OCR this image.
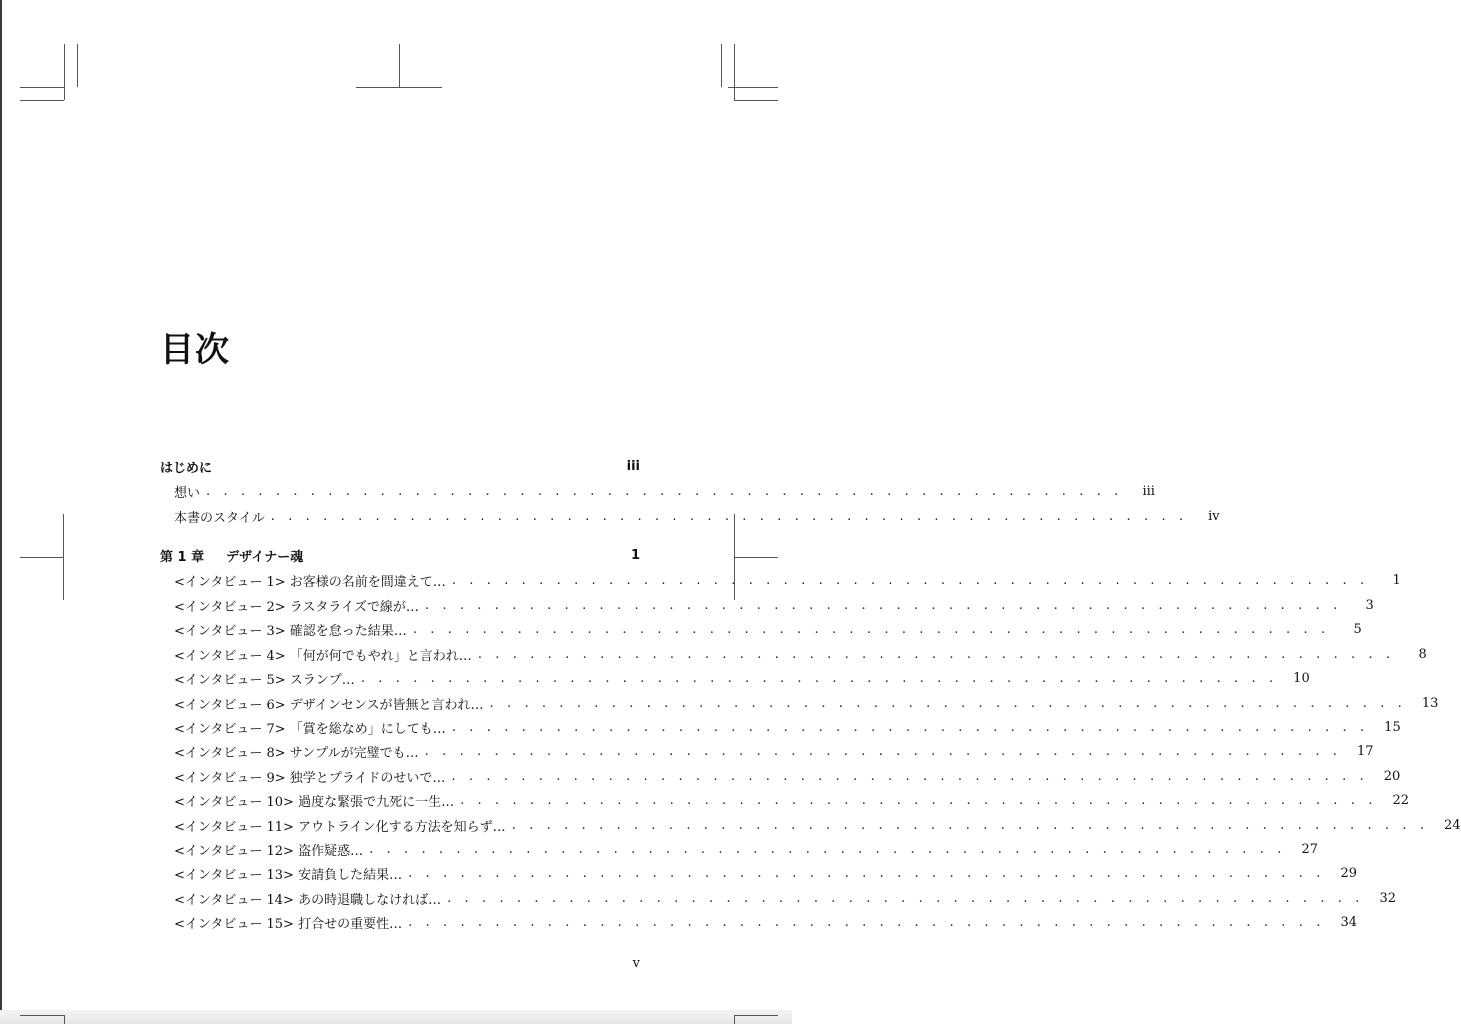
目次
はじめに	iii
想い . . . . . . . . . . . . . . . . . . . . . . . . . . . . . . . . . . . . . . . . . . . . . . . . . . . . .	iii
本書のスタイル . . . . . . . . . . . . . . . . . . . . . . . . . . . . . . . . . . . . . . . . . . . . . . . . . . . . .	iv
第 1 章 デザイナー魂	1
<インタビュー 1> お客様の名前を間違えて… . . . . . . . . . . . . . . . . . . . . . . . . . . . . . . . . . . . . . . . . . . . . . . . . . . . . .	1
<インタビュー 2> ラスタライズで線が… . . . . . . . . . . . . . . . . . . . . . . . . . . . . . . . . . . . . . . . . . . . . . . . . . . . . .	3
<インタビュー 3> 確認を怠った結果… . . . . . . . . . . . . . . . . . . . . . . . . . . . . . . . . . . . . . . . . . . . . . . . . . . . . .	5
<インタビュー 4> 「何が何でもやれ」と言われ… . . . . . . . . . . . . . . . . . . . . . . . . . . . . . . . . . . . . . . . . . . . . . . . . . . . . .	8
<インタビュー 5> スランプ… . . . . . . . . . . . . . . . . . . . . . . . . . . . . . . . . . . . . . . . . . . . . . . . . . . . . .	10
<インタビュー 6> デザインセンスが皆無と言われ… . . . . . . . . . . . . . . . . . . . . . . . . . . . . . . . . . . . . . . . . . . . . . . . . . . . . .	13
<インタビュー 7> 「賞を総なめ」にしても… . . . . . . . . . . . . . . . . . . . . . . . . . . . . . . . . . . . . . . . . . . . . . . . . . . . . .	15
<インタビュー 8> サンプルが完璧でも… . . . . . . . . . . . . . . . . . . . . . . . . . . . . . . . . . . . . . . . . . . . . . . . . . . . . .	17
<インタビュー 9> 独学とプライドのせいで… . . . . . . . . . . . . . . . . . . . . . . . . . . . . . . . . . . . . . . . . . . . . . . . . . . . . .	20
<インタビュー 10> 過度な緊張で九死に一生… . . . . . . . . . . . . . . . . . . . . . . . . . . . . . . . . . . . . . . . . . . . . . . . . . . . . .	22
<インタビュー 11> アウトライン化する方法を知らず… . . . . . . . . . . . . . . . . . . . . . . . . . . . . . . . . . . . . . . . . . . . . . . . . . . . . .	24
<インタビュー 12> 盗作疑惑… . . . . . . . . . . . . . . . . . . . . . . . . . . . . . . . . . . . . . . . . . . . . . . . . . . . . .	27
<インタビュー 13> 安請負した結果… . . . . . . . . . . . . . . . . . . . . . . . . . . . . . . . . . . . . . . . . . . . . . . . . . . . . .	29
<インタビュー 14> あの時退職しなければ… . . . . . . . . . . . . . . . . . . . . . . . . . . . . . . . . . . . . . . . . . . . . . . . . . . . . .	32
<インタビュー 15> 打合せの重要性… . . . . . . . . . . . . . . . . . . . . . . . . . . . . . . . . . . . . . . . . . . . . . . . . . . . . .	34
v
